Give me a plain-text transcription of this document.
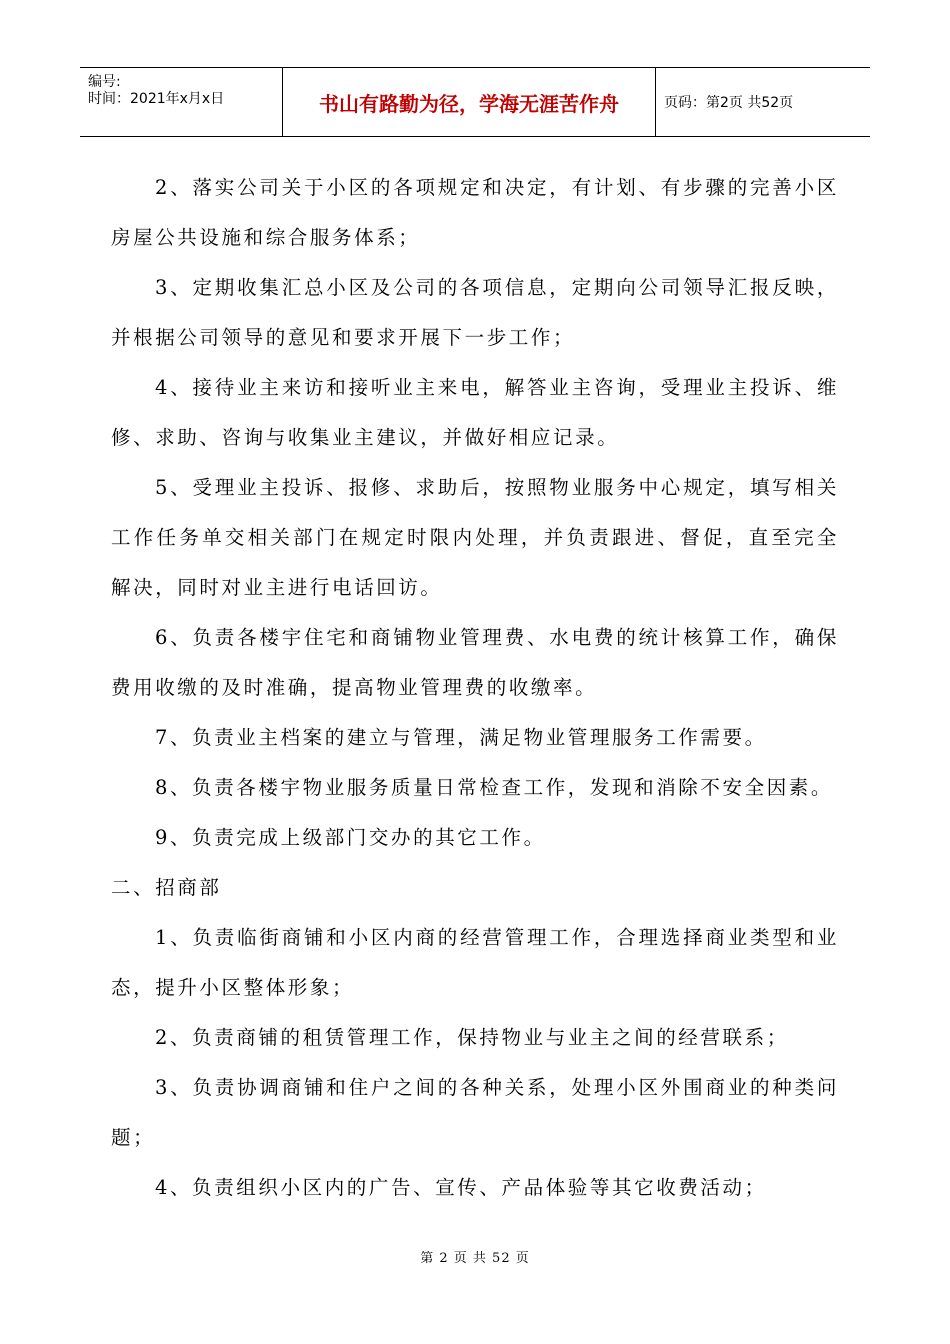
编号:
时间：2021年x月x日	书山有路勤为径，学海无涯苦作舟	页码：第2页 共52页

2、落实公司关于小区的各项规定和决定，有计划、有步骤的完善小区房屋公共设施和综合服务体系；

3、定期收集汇总小区及公司的各项信息，定期向公司领导汇报反映，并根据公司领导的意见和要求开展下一步工作；

4、接待业主来访和接听业主来电，解答业主咨询，受理业主投诉、维修、求助、咨询与收集业主建议，并做好相应记录。

5、受理业主投诉、报修、求助后，按照物业服务中心规定，填写相关工作任务单交相关部门在规定时限内处理，并负责跟进、督促，直至完全解决，同时对业主进行电话回访。

6、负责各楼宇住宅和商铺物业管理费、水电费的统计核算工作，确保费用收缴的及时准确，提高物业管理费的收缴率。

7、负责业主档案的建立与管理，满足物业管理服务工作需要。

8、负责各楼宇物业服务质量日常检查工作，发现和消除不安全因素。

9、负责完成上级部门交办的其它工作。

二、招商部

1、负责临街商铺和小区内商的经营管理工作，合理选择商业类型和业态，提升小区整体形象；

2、负责商铺的租赁管理工作，保持物业与业主之间的经营联系；

3、负责协调商铺和住户之间的各种关系，处理小区外围商业的种类问题；

4、负责组织小区内的广告、宣传、产品体验等其它收费活动；

第 2 页 共 52 页
